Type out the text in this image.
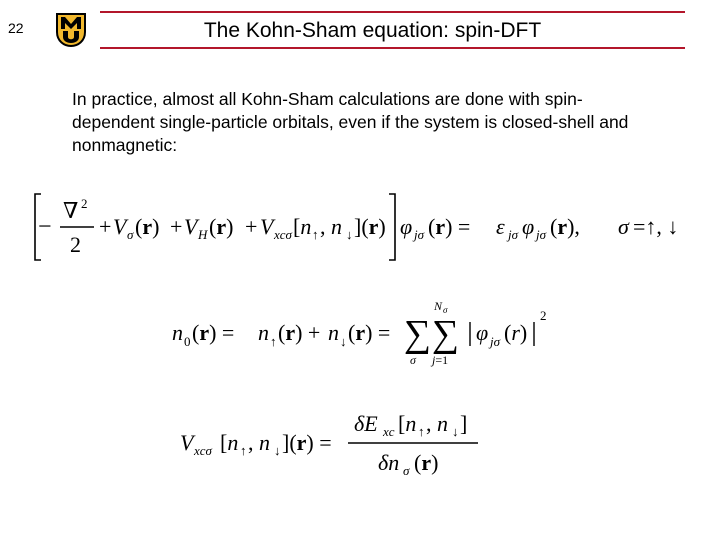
22	The Kohn-Sham equation: spin-DFT
In practice, almost all Kohn-Sham calculations are done with spin-dependent single-particle orbitals, even if the system is closed-shell and nonmagnetic:
−
∇ 2
2
+ V σ (r) + V H (r) + V xcσ [n ↑ , n ↓ ](r) φ jσ (r) = ε jσ φ jσ (r), σ =↑, ↓
n 0 (r) = n ↑ (r) + n ↓ (r) = ∑
σ
∑
N σ
j=1
φ jσ (r)
2
V xcσ [n ↑ , n ↓ ](r) =
δE xc [n ↑ , n ↓ ]
δn σ (r)
